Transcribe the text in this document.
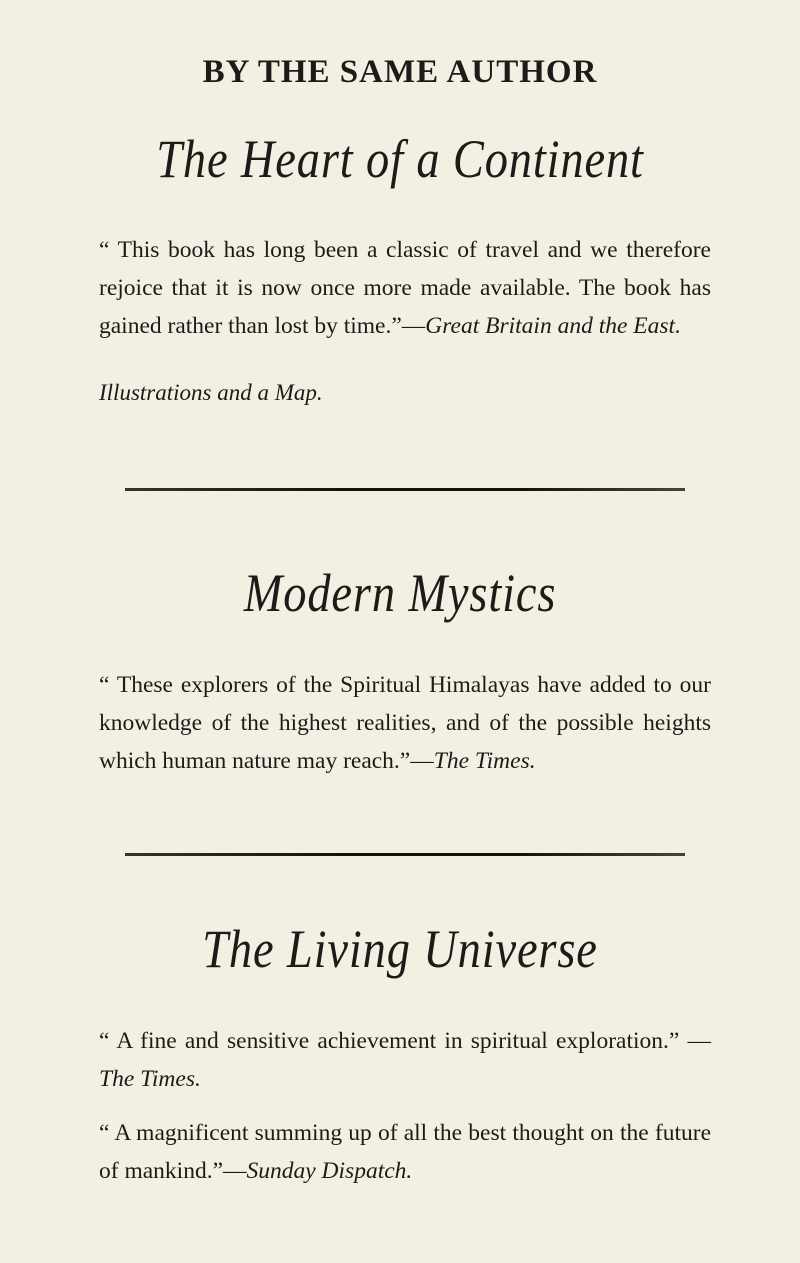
BY THE SAME AUTHOR
The Heart of a Continent
“ This book has long been a classic of travel and we therefore rejoice that it is now once more made available. The book has gained rather than lost by time.”—Great Britain and the East.
Illustrations and a Map.
Modern Mystics
“ These explorers of the Spiritual Himalayas have added to our knowledge of the highest realities, and of the possible heights which human nature may reach.”—The Times.
The Living Universe
“ A fine and sensitive achievement in spiritual exploration.” —The Times.
“ A magnificent summing up of all the best thought on the future of mankind.”—Sunday Dispatch.
